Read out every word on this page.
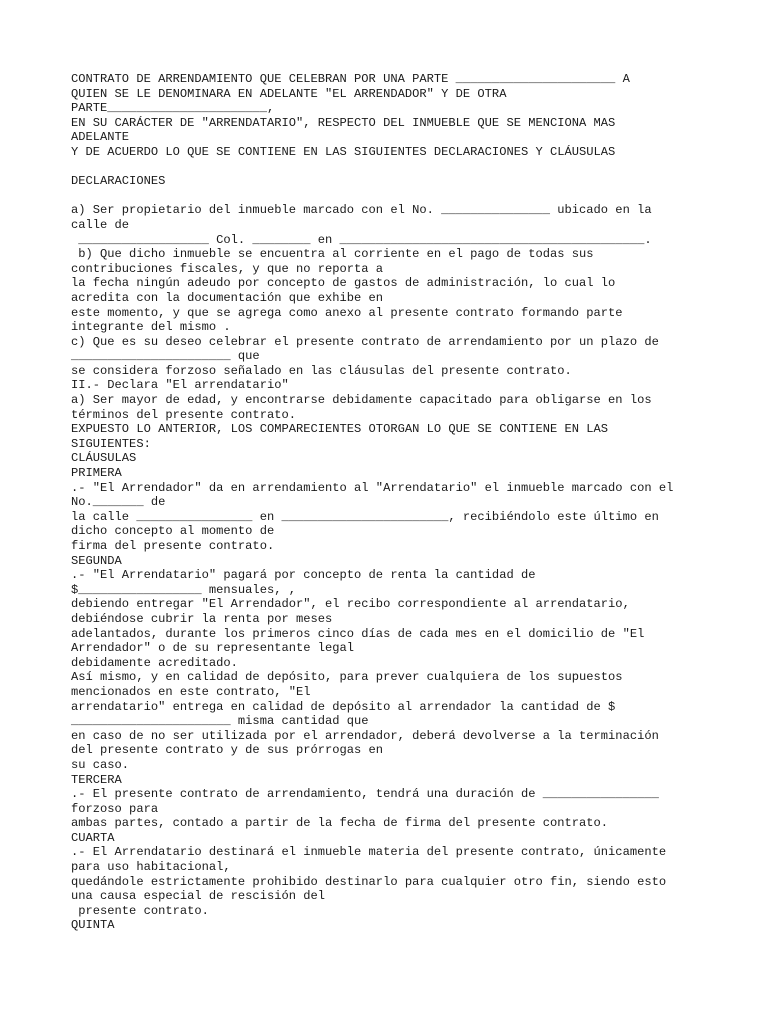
CONTRATO DE ARRENDAMIENTO QUE CELEBRAN POR UNA PARTE ______________________ A
QUIEN SE LE DENOMINARA EN ADELANTE "EL ARRENDADOR" Y DE OTRA
PARTE______________________,
EN SU CARÁCTER DE "ARRENDATARIO", RESPECTO DEL INMUEBLE QUE SE MENCIONA MAS
ADELANTE
Y DE ACUERDO LO QUE SE CONTIENE EN LAS SIGUIENTES DECLARACIONES Y CLÁUSULAS
DECLARACIONES
a) Ser propietario del inmueble marcado con el No. _______________ ubicado en la
calle de
__________________ Col. ________ en __________________________________________.
b) Que dicho inmueble se encuentra al corriente en el pago de todas sus
contribuciones fiscales, y que no reporta a
la fecha ningún adeudo por concepto de gastos de administración, lo cual lo
acredita con la documentación que exhibe en
este momento, y que se agrega como anexo al presente contrato formando parte
integrante del mismo .
c) Que es su deseo celebrar el presente contrato de arrendamiento por un plazo de
______________________ que
se considera forzoso señalado en las cláusulas del presente contrato.
II.- Declara "El arrendatario"
a) Ser mayor de edad, y encontrarse debidamente capacitado para obligarse en los
términos del presente contrato.
EXPUESTO LO ANTERIOR, LOS COMPARECIENTES OTORGAN LO QUE SE CONTIENE EN LAS
SIGUIENTES:
CLÁUSULAS
PRIMERA
.- "El Arrendador" da en arrendamiento al "Arrendatario" el inmueble marcado con el
No._______ de
la calle ________________ en _______________________, recibiéndolo este último en
dicho concepto al momento de
firma del presente contrato.
SEGUNDA
.- "El Arrendatario" pagará por concepto de renta la cantidad de
$_________________ mensuales, ,
debiendo entregar "El Arrendador", el recibo correspondiente al arrendatario,
debiéndose cubrir la renta por meses
adelantados, durante los primeros cinco días de cada mes en el domicilio de "El
Arrendador" o de su representante legal
debidamente acreditado.
Así mismo, y en calidad de depósito, para prever cualquiera de los supuestos
mencionados en este contrato, "El
arrendatario" entrega en calidad de depósito al arrendador la cantidad de $
______________________ misma cantidad que
en caso de no ser utilizada por el arrendador, deberá devolverse a la terminación
del presente contrato y de sus prórrogas en
su caso.
TERCERA
.- El presente contrato de arrendamiento, tendrá una duración de ________________
forzoso para
ambas partes, contado a partir de la fecha de firma del presente contrato.
CUARTA
.- El Arrendatario destinará el inmueble materia del presente contrato, únicamente
para uso habitacional,
quedándole estrictamente prohibido destinarlo para cualquier otro fin, siendo esto
una causa especial de rescisión del
presente contrato.
QUINTA
